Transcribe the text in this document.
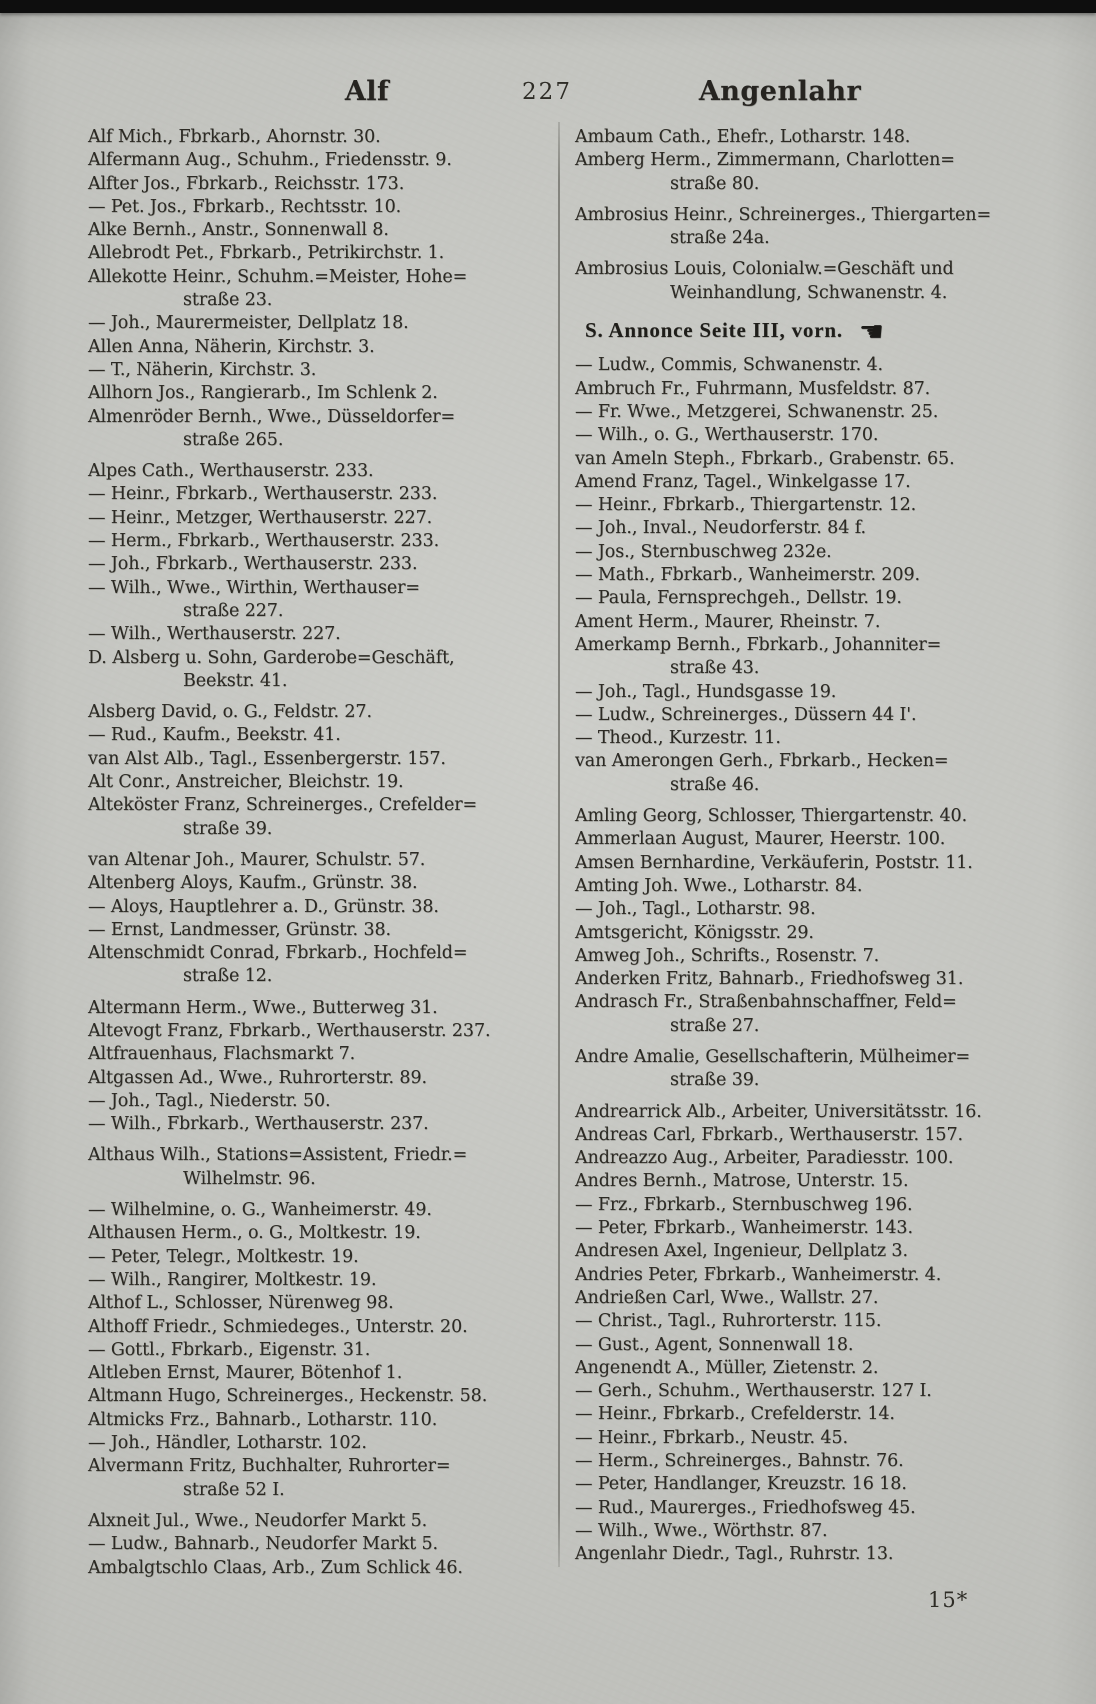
Alf	227	Angenlahr
Alf Mich., Fbrkarb., Ahornstr. 30.
Alfermann Aug., Schuhm., Friedensstr. 9.
Alfter Jos., Fbrkarb., Reichsstr. 173.
— Pet. Jos., Fbrkarb., Rechtsstr. 10.
Alke Bernh., Anstr., Sonnenwall 8.
Allebrodt Pet., Fbrkarb., Petrikirchstr. 1.
Allekotte Heinr., Schuhm.=Meister, Hohe=
straße 23.
— Joh., Maurermeister, Dellplatz 18.
Allen Anna, Näherin, Kirchstr. 3.
— T., Näherin, Kirchstr. 3.
Allhorn Jos., Rangierarb., Im Schlenk 2.
Almenröder Bernh., Wwe., Düsseldorfer=
straße 265.
Alpes Cath., Werthauserstr. 233.
— Heinr., Fbrkarb., Werthauserstr. 233.
— Heinr., Metzger, Werthauserstr. 227.
— Herm., Fbrkarb., Werthauserstr. 233.
— Joh., Fbrkarb., Werthauserstr. 233.
— Wilh., Wwe., Wirthin, Werthauser=
straße 227.
— Wilh., Werthauserstr. 227.
D. Alsberg u. Sohn, Garderobe=Geschäft,
Beekstr. 41.
Alsberg David, o. G., Feldstr. 27.
— Rud., Kaufm., Beekstr. 41.
van Alst Alb., Tagl., Essenbergerstr. 157.
Alt Conr., Anstreicher, Bleichstr. 19.
Alteköster Franz, Schreinerges., Crefelder=
straße 39.
van Altenar Joh., Maurer, Schulstr. 57.
Altenberg Aloys, Kaufm., Grünstr. 38.
— Aloys, Hauptlehrer a. D., Grünstr. 38.
— Ernst, Landmesser, Grünstr. 38.
Altenschmidt Conrad, Fbrkarb., Hochfeld=
straße 12.
Altermann Herm., Wwe., Butterweg 31.
Altevogt Franz, Fbrkarb., Werthauserstr. 237.
Altfrauenhaus, Flachsmarkt 7.
Altgassen Ad., Wwe., Ruhrorterstr. 89.
— Joh., Tagl., Niederstr. 50.
— Wilh., Fbrkarb., Werthauserstr. 237.
Althaus Wilh., Stations=Assistent, Friedr.=
Wilhelmstr. 96.
— Wilhelmine, o. G., Wanheimerstr. 49.
Althausen Herm., o. G., Moltkestr. 19.
— Peter, Telegr., Moltkestr. 19.
— Wilh., Rangirer, Moltkestr. 19.
Althof L., Schlosser, Nürenweg 98.
Althoff Friedr., Schmiedeges., Unterstr. 20.
— Gottl., Fbrkarb., Eigenstr. 31.
Altleben Ernst, Maurer, Bötenhof 1.
Altmann Hugo, Schreinerges., Heckenstr. 58.
Altmicks Frz., Bahnarb., Lotharstr. 110.
— Joh., Händler, Lotharstr. 102.
Alvermann Fritz, Buchhalter, Ruhrorter=
straße 52 I.
Alxneit Jul., Wwe., Neudorfer Markt 5.
— Ludw., Bahnarb., Neudorfer Markt 5.
Ambalgtschlo Claas, Arb., Zum Schlick 46.
Ambaum Cath., Ehefr., Lotharstr. 148.
Amberg Herm., Zimmermann, Charlotten=
straße 80.
Ambrosius Heinr., Schreinerges., Thiergarten=
straße 24a.
Ambrosius Louis, Colonialw.=Geschäft und
Weinhandlung, Schwanenstr. 4.
S. Annonce Seite III, vorn. ☚
— Ludw., Commis, Schwanenstr. 4.
Ambruch Fr., Fuhrmann, Musfeldstr. 87.
— Fr. Wwe., Metzgerei, Schwanenstr. 25.
— Wilh., o. G., Werthauserstr. 170.
van Ameln Steph., Fbrkarb., Grabenstr. 65.
Amend Franz, Tagel., Winkelgasse 17.
— Heinr., Fbrkarb., Thiergartenstr. 12.
— Joh., Inval., Neudorferstr. 84 f.
— Jos., Sternbuschweg 232e.
— Math., Fbrkarb., Wanheimerstr. 209.
— Paula, Fernsprechgeh., Dellstr. 19.
Ament Herm., Maurer, Rheinstr. 7.
Amerkamp Bernh., Fbrkarb., Johanniter=
straße 43.
— Joh., Tagl., Hundsgasse 19.
— Ludw., Schreinerges., Düssern 44 I'.
— Theod., Kurzestr. 11.
van Amerongen Gerh., Fbrkarb., Hecken=
straße 46.
Amling Georg, Schlosser, Thiergartenstr. 40.
Ammerlaan August, Maurer, Heerstr. 100.
Amsen Bernhardine, Verkäuferin, Poststr. 11.
Amting Joh. Wwe., Lotharstr. 84.
— Joh., Tagl., Lotharstr. 98.
Amtsgericht, Königsstr. 29.
Amweg Joh., Schrifts., Rosenstr. 7.
Anderken Fritz, Bahnarb., Friedhofsweg 31.
Andrasch Fr., Straßenbahnschaffner, Feld=
straße 27.
Andre Amalie, Gesellschafterin, Mülheimer=
straße 39.
Andrearrick Alb., Arbeiter, Universitätsstr. 16.
Andreas Carl, Fbrkarb., Werthauserstr. 157.
Andreazzo Aug., Arbeiter, Paradiesstr. 100.
Andres Bernh., Matrose, Unterstr. 15.
— Frz., Fbrkarb., Sternbuschweg 196.
— Peter, Fbrkarb., Wanheimerstr. 143.
Andresen Axel, Ingenieur, Dellplatz 3.
Andries Peter, Fbrkarb., Wanheimerstr. 4.
Andrießen Carl, Wwe., Wallstr. 27.
— Christ., Tagl., Ruhrorterstr. 115.
— Gust., Agent, Sonnenwall 18.
Angenendt A., Müller, Zietenstr. 2.
— Gerh., Schuhm., Werthauserstr. 127 I.
— Heinr., Fbrkarb., Crefelderstr. 14.
— Heinr., Fbrkarb., Neustr. 45.
— Herm., Schreinerges., Bahnstr. 76.
— Peter, Handlanger, Kreuzstr. 16 18.
— Rud., Maurerges., Friedhofsweg 45.
— Wilh., Wwe., Wörthstr. 87.
Angenlahr Diedr., Tagl., Ruhrstr. 13.
15*
